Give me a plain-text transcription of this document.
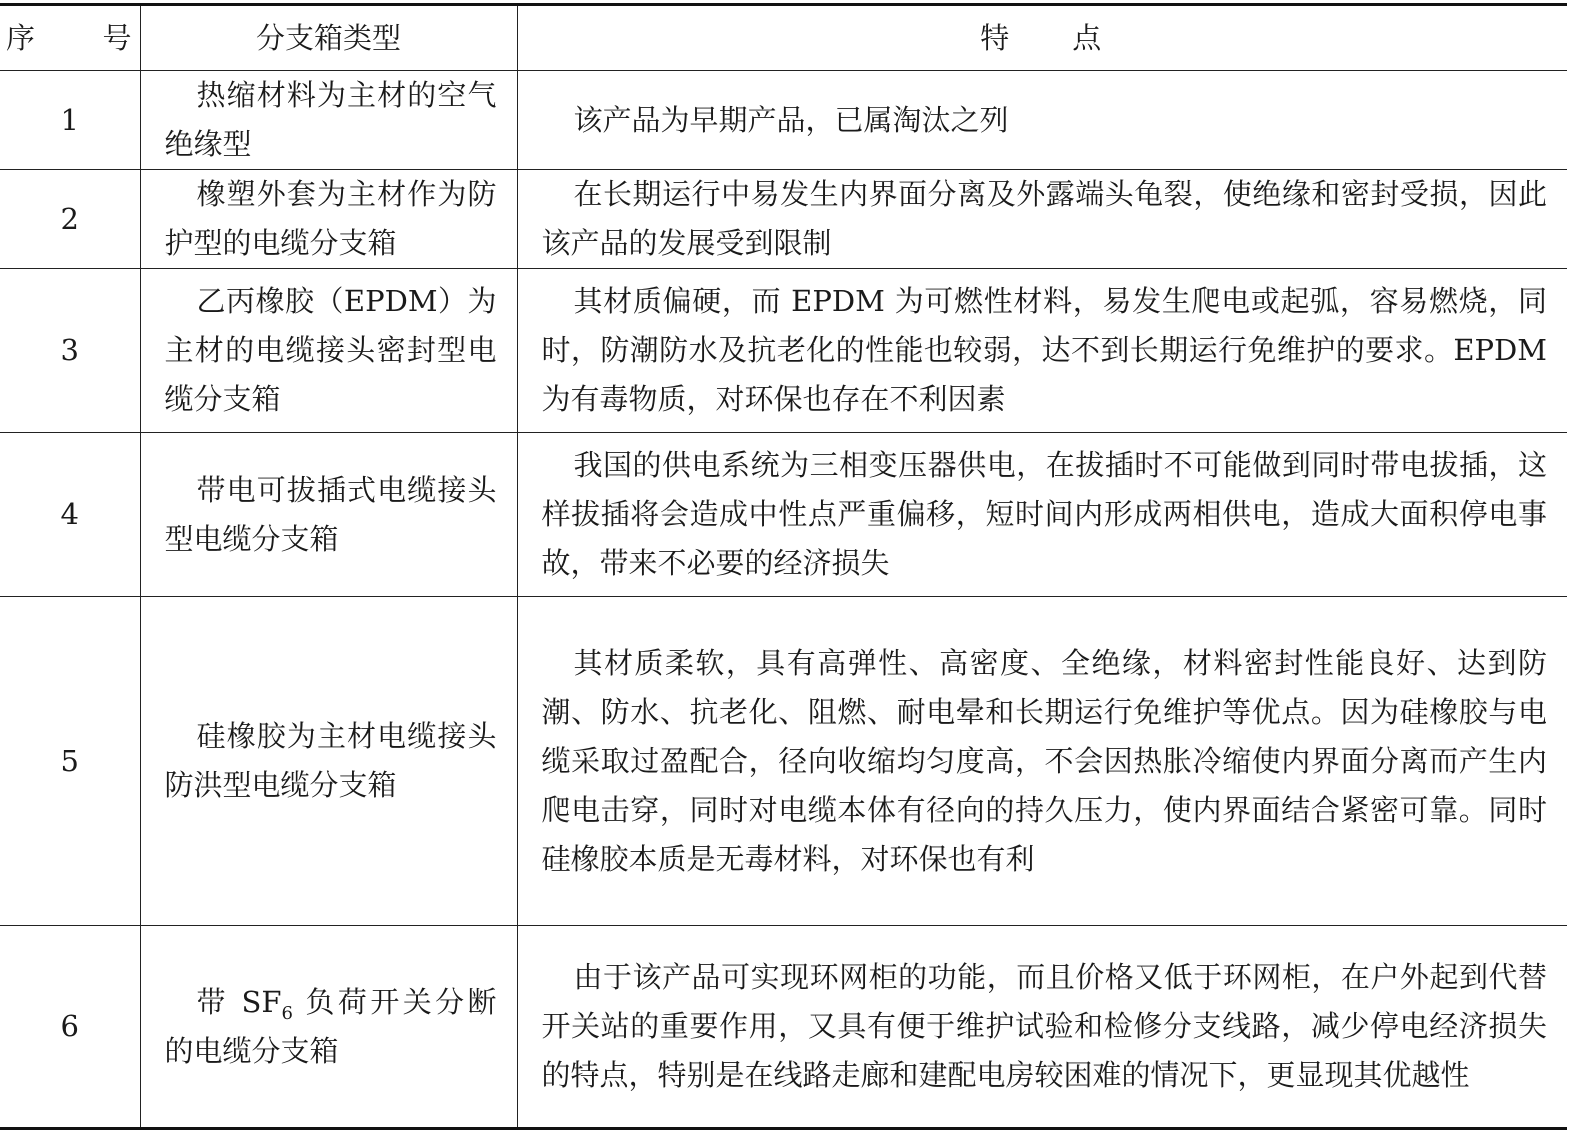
序 号	分支箱类型	特 点
1	热缩材料为主材的空气绝缘型	该产品为早期产品，已属淘汰之列
2	橡塑外套为主材作为防护型的电缆分支箱	在长期运行中易发生内界面分离及外露端头龟裂，使绝缘和密封受损，因此该产品的发展受到限制
3	乙丙橡胶（EPDM）为主材的电缆接头密封型电缆分支箱	其材质偏硬，而 EPDM 为可燃性材料，易发生爬电或起弧，容易燃烧，同时，防潮防水及抗老化的性能也较弱，达不到长期运行免维护的要求。EPDM 为有毒物质，对环保也存在不利因素
4	带电可拔插式电缆接头型电缆分支箱	我国的供电系统为三相变压器供电，在拔插时不可能做到同时带电拔插，这样拔插将会造成中性点严重偏移，短时间内形成两相供电，造成大面积停电事故，带来不必要的经济损失
5	硅橡胶为主材电缆接头防洪型电缆分支箱	其材质柔软，具有高弹性、高密度、全绝缘，材料密封性能良好、达到防潮、防水、抗老化、阻燃、耐电晕和长期运行免维护等优点。因为硅橡胶与电缆采取过盈配合，径向收缩均匀度高，不会因热胀冷缩使内界面分离而产生内爬电击穿，同时对电缆本体有径向的持久压力，使内界面结合紧密可靠。同时硅橡胶本质是无毒材料，对环保也有利
6	带 $SF_6$ 负荷开关分断的电缆分支箱	由于该产品可实现环网柜的功能，而且价格又低于环网柜，在户外起到代替开关站的重要作用，又具有便于维护试验和检修分支线路，减少停电经济损失的特点，特别是在线路走廊和建配电房较困难的情况下，更显现其优越性
